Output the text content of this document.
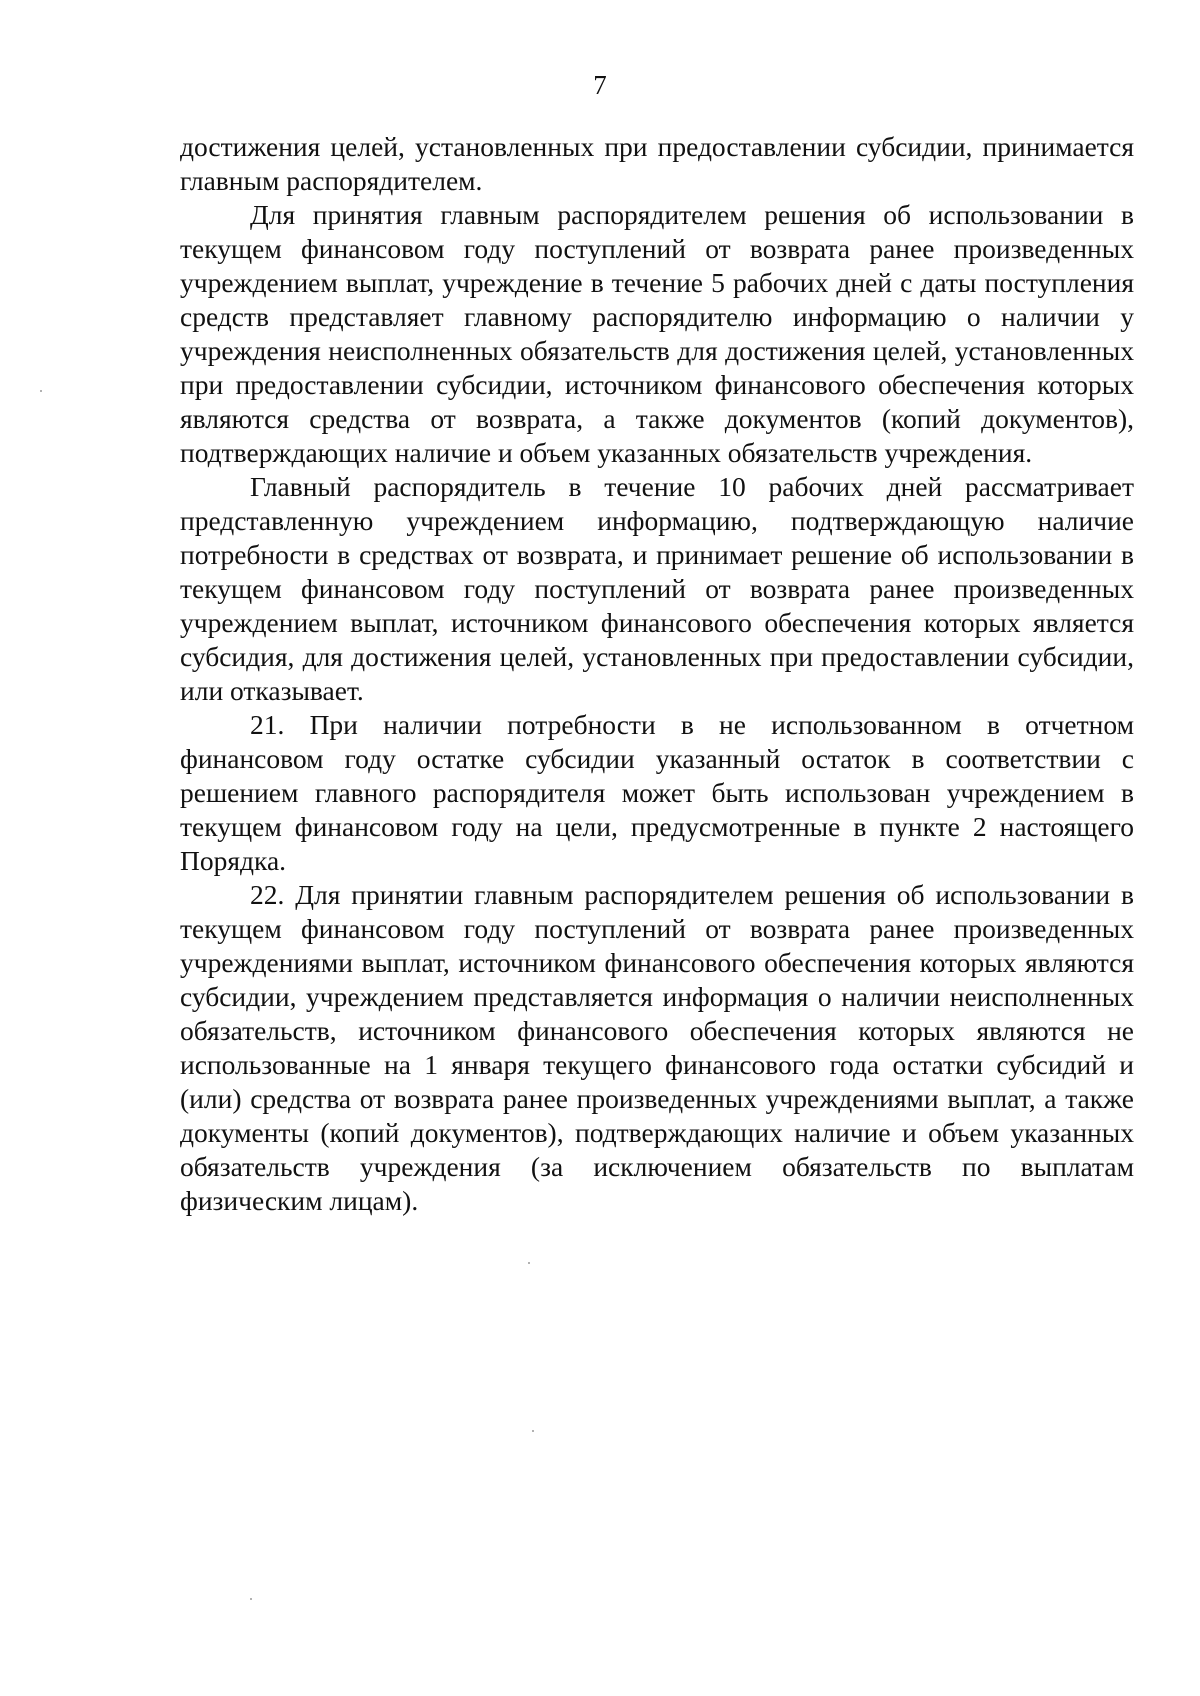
7

достижения целей, установленных при предоставлении субсидии, принимается главным распорядителем.

Для принятия главным распорядителем решения об использовании в текущем финансовом году поступлений от возврата ранее произведенных учреждением выплат, учреждение в течение 5 рабочих дней с даты поступления средств представляет главному распорядителю информацию о наличии у учреждения неисполненных обязательств для достижения целей, установленных при предоставлении субсидии, источником финансового обеспечения которых являются средства от возврата, а также документов (копий документов), подтверждающих наличие и объем указанных обязательств учреждения.

Главный распорядитель в течение 10 рабочих дней рассматривает представленную учреждением информацию, подтверждающую наличие потребности в средствах от возврата, и принимает решение об использовании в текущем финансовом году поступлений от возврата ранее произведенных учреждением выплат, источником финансового обеспечения которых является субсидия, для достижения целей, установленных при предоставлении субсидии, или отказывает.

21. При наличии потребности в не использованном в отчетном финансовом году остатке субсидии указанный остаток в соответствии с решением главного распорядителя может быть использован учреждением в текущем финансовом году на цели, предусмотренные в пункте 2 настоящего Порядка.

22. Для принятии главным распорядителем решения об использовании в текущем финансовом году поступлений от возврата ранее произведенных учреждениями выплат, источником финансового обеспечения которых являются субсидии, учреждением представляется информация о наличии неисполненных обязательств, источником финансового обеспечения которых являются не использованные на 1 января текущего финансового года остатки субсидий и (или) средства от возврата ранее произведенных учреждениями выплат, а также документы (копий документов), подтверждающих наличие и объем указанных обязательств учреждения (за исключением обязательств по выплатам физическим лицам).
